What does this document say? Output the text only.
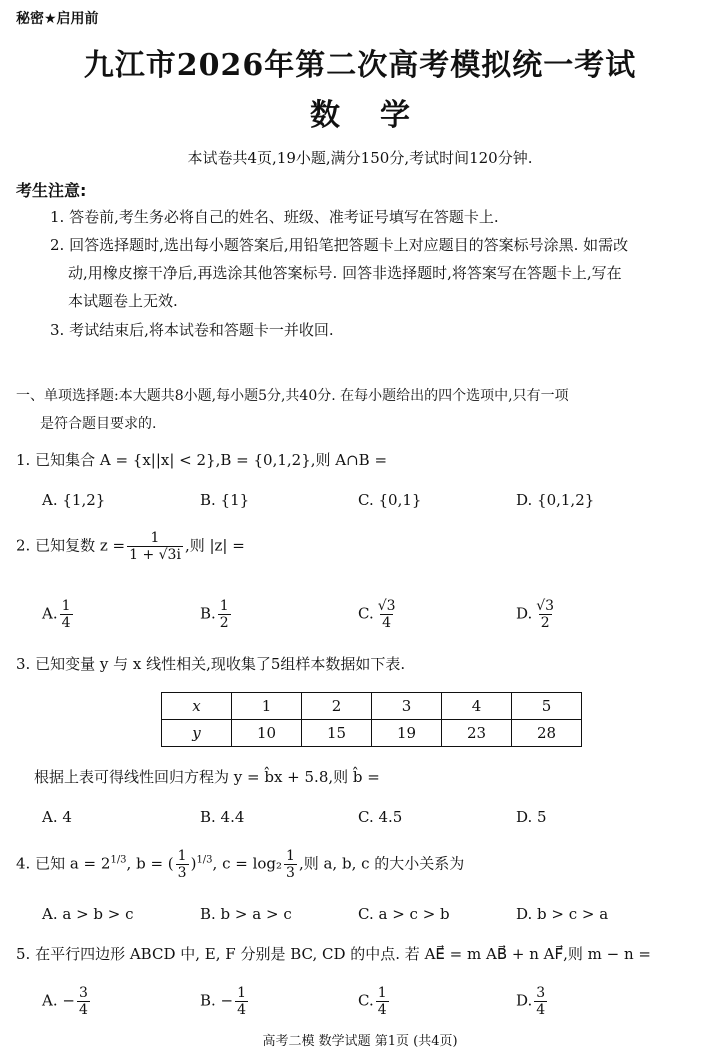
秘密★启用前
九江市2026年第二次高考模拟统一考试
数学
本试卷共4页,19小题,满分150分,考试时间120分钟.
考生注意:
1. 答卷前,考生务必将自己的姓名、班级、准考证号填写在答题卡上.
2. 回答选择题时,选出每小题答案后,用铅笔把答题卡上对应题目的答案标号涂黑. 如需改
动,用橡皮擦干净后,再选涂其他答案标号. 回答非选择题时,将答案写在答题卡上,写在
本试题卷上无效.
3. 考试结束后,将本试卷和答题卡一并收回.
一、单项选择题:本大题共8小题,每小题5分,共40分. 在每小题给出的四个选项中,只有一项
是符合题目要求的.
1. 已知集合 A = {x||x| < 2},B = {0,1,2},则 A∩B =
A. {1,2}	B. {1}	C. {0,1}	D. {0,1,2}
2. 已知复数 $z = \frac{1}{1 + √3i}$ ,则 |z| =
A. $\frac{1}{4}$	B. $\frac{1}{2}$	C. $\frac{√3}{4}$	D. $\frac{√3}{2}$
3. 已知变量 y 与 x 线性相关,现收集了5组样本数据如下表.
x	1	2	3	4	5
y	10	15	19	23	28
根据上表可得线性回归方程为 y = b̂x + 5.8,则 b̂ =
A. 4	B. 4.4	C. 4.5	D. 5
4. 已知 $a = 2^{1/3}$, b = ( $\frac{1}{3} )^{1/3}$, $c = \log_2 \frac{1}{3}$ ,则 a, b, c 的大小关系为
A. a > b > c	B. b > a > c	C. a > c > b	D. b > c > a
5. 在平行四边形 ABCD 中, E, F 分别是 BC, CD 的中点. 若 AE⃗ = m AB⃗ + n AF⃗,则 m − n =
A. − $\frac{3}{4}$	B. − $\frac{1}{4}$	C. $\frac{1}{4}$	D. $\frac{3}{4}$
高考二模 数学试题 第1页 (共4页)
